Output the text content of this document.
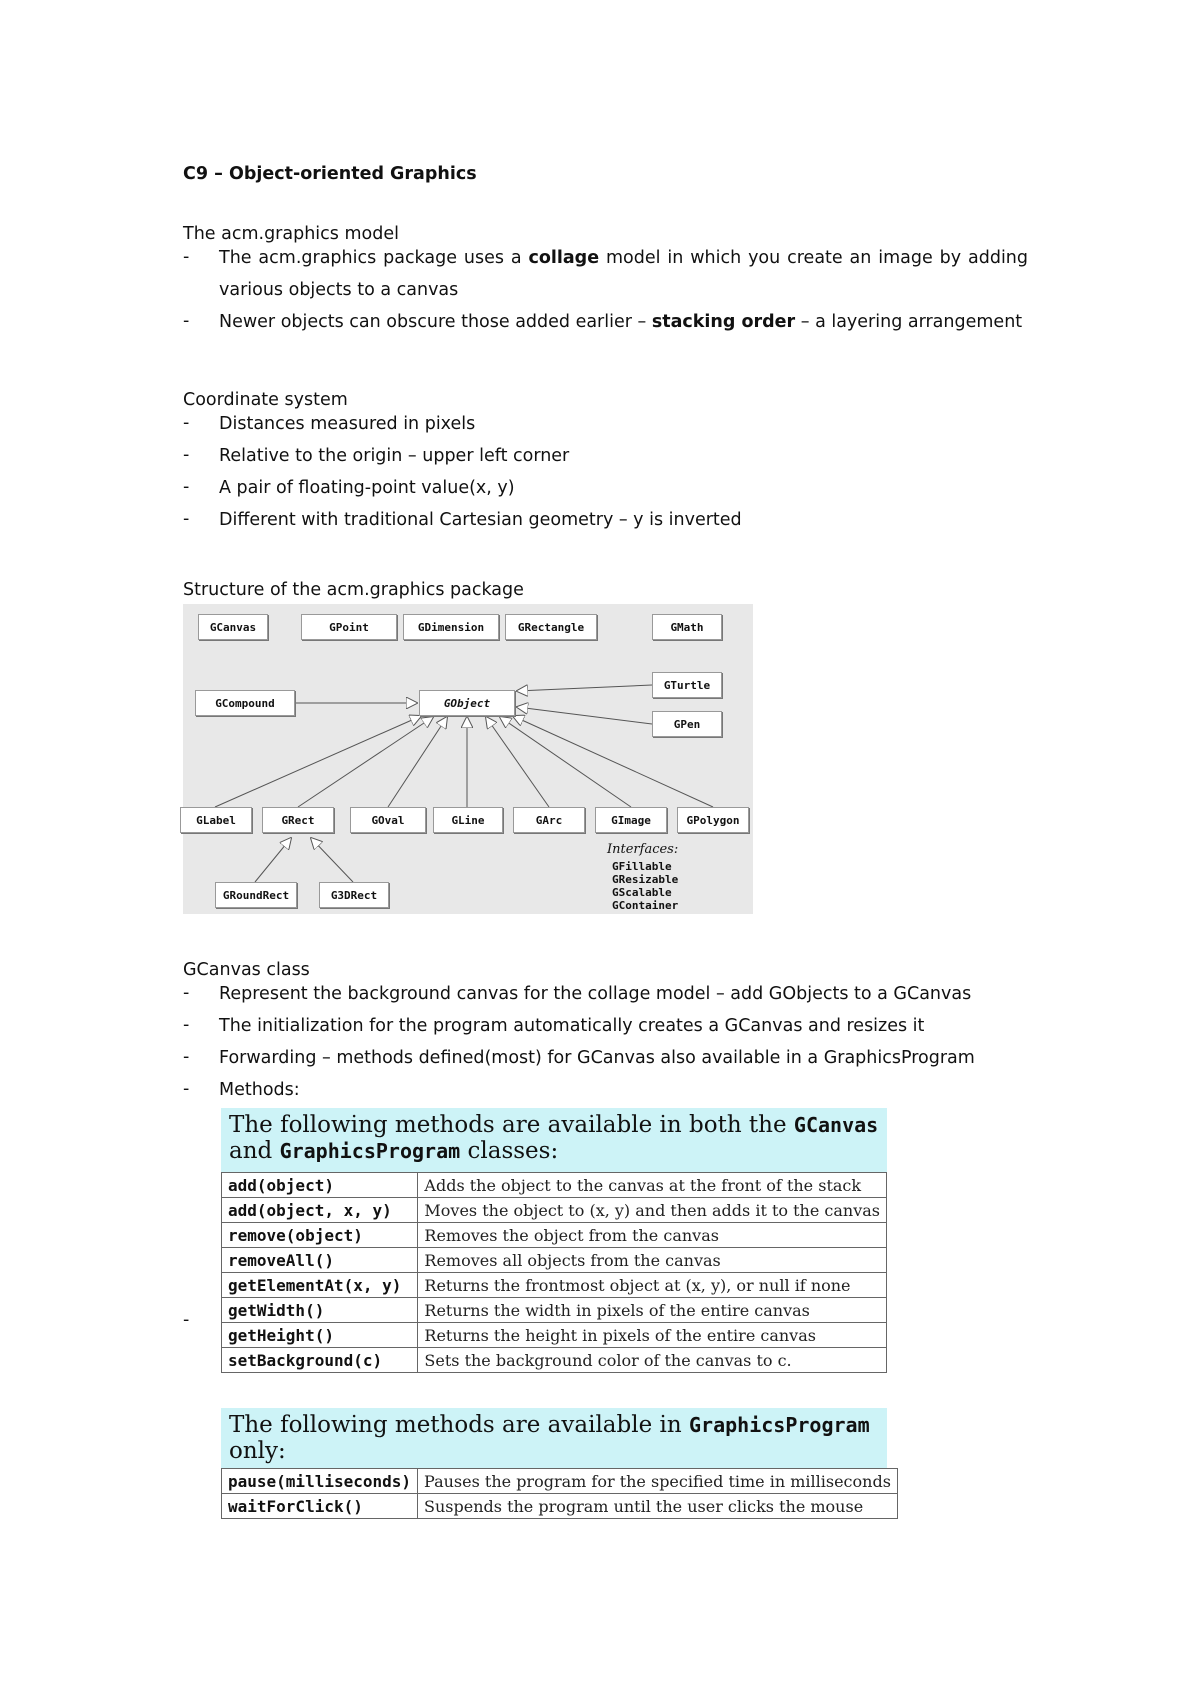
C9 – Object-oriented Graphics
The acm.graphics model
- The acm.graphics package uses a collage model in which you create an image by adding various objects to a canvas
- Newer objects can obscure those added earlier – stacking order – a layering arrangement
Coordinate system
- Distances measured in pixels
- Relative to the origin – upper left corner
- A pair of floating-point value(x, y)
- Different with traditional Cartesian geometry – y is inverted
Structure of the acm.graphics package
GCanvas class
- Represent the background canvas for the collage model – add GObjects to a GCanvas
- The initialization for the program automatically creates a GCanvas and resizes it
- Forwarding – methods defined(most) for GCanvas also available in a GraphicsProgram
- Methods:
GCanvas	GPoint	GDimension	GRectangle	GMath
GCompound	GObject
GTurtle
GPen
GLabel	GRect	GOval	GLine	GArc	GImage	GPolygon
GRoundRect	G3DRect
Interfaces:
GFillable
GResizable
GScalable
GContainer
The following methods are available in both the GCanvas and GraphicsProgram classes:
add(object)	Adds the object to the canvas at the front of the stack
add(object, x, y)	Moves the object to (x, y) and then adds it to the canvas
remove(object)	Removes the object from the canvas
removeAll()	Removes all objects from the canvas
getElementAt(x, y)	Returns the frontmost object at (x, y), or null if none
getWidth()	Returns the width in pixels of the entire canvas
getHeight()	Returns the height in pixels of the entire canvas
setBackground(c)	Sets the background color of the canvas to c.
-
The following methods are available in GraphicsProgram only:
pause(milliseconds)	Pauses the program for the specified time in milliseconds
waitForClick()	Suspends the program until the user clicks the mouse
